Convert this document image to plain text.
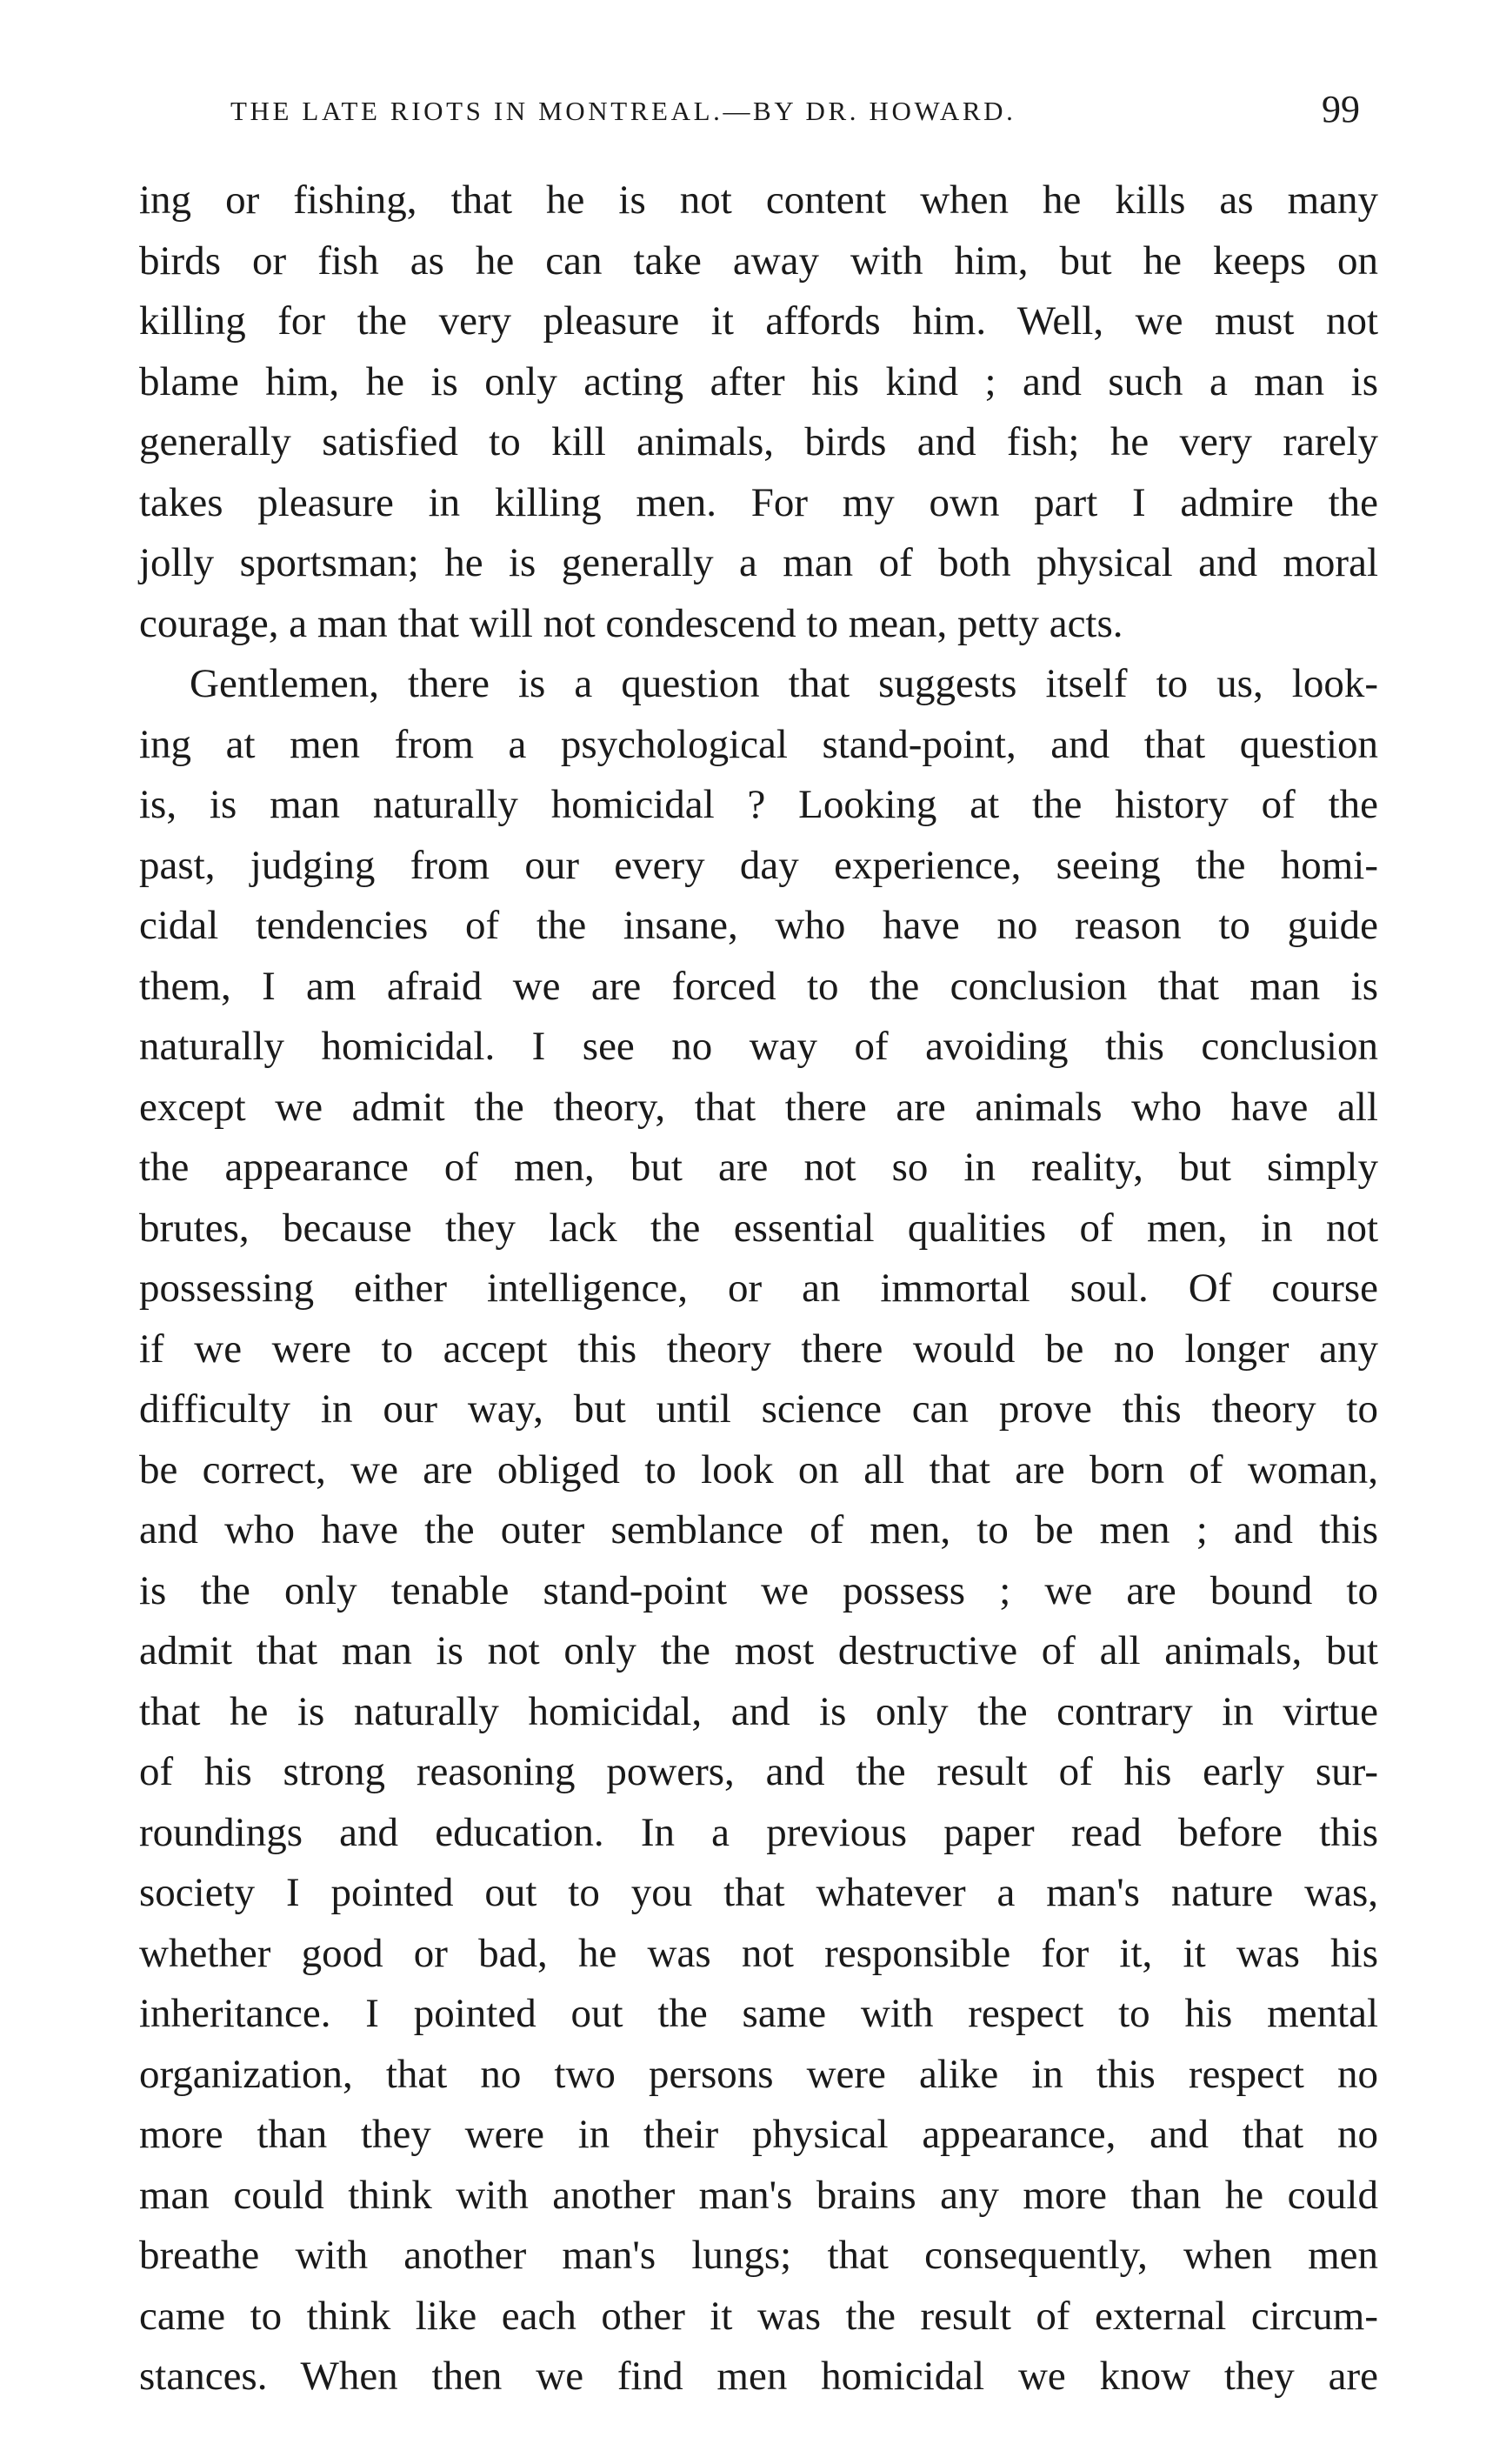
THE LATE RIOTS IN MONTREAL.—BY DR. HOWARD.	99
ing or fishing, that he is not content when he kills as many
birds or fish as he can take away with him, but he keeps on
killing for the very pleasure it affords him. Well, we must not
blame him, he is only acting after his kind ; and such a man is
generally satisfied to kill animals, birds and fish; he very rarely
takes pleasure in killing men. For my own part I admire the
jolly sportsman; he is generally a man of both physical and moral
courage, a man that will not condescend to mean, petty acts.
Gentlemen, there is a question that suggests itself to us, look-
ing at men from a psychological stand-point, and that question
is, is man naturally homicidal ? Looking at the history of the
past, judging from our every day experience, seeing the homi-
cidal tendencies of the insane, who have no reason to guide
them, I am afraid we are forced to the conclusion that man is
naturally homicidal. I see no way of avoiding this conclusion
except we admit the theory, that there are animals who have all
the appearance of men, but are not so in reality, but simply
brutes, because they lack the essential qualities of men, in not
possessing either intelligence, or an immortal soul. Of course
if we were to accept this theory there would be no longer any
difficulty in our way, but until science can prove this theory to
be correct, we are obliged to look on all that are born of woman,
and who have the outer semblance of men, to be men ; and this
is the only tenable stand-point we possess ; we are bound to
admit that man is not only the most destructive of all animals, but
that he is naturally homicidal, and is only the contrary in virtue
of his strong reasoning powers, and the result of his early sur-
roundings and education. In a previous paper read before this
society I pointed out to you that whatever a man's nature was,
whether good or bad, he was not responsible for it, it was his
inheritance. I pointed out the same with respect to his mental
organization, that no two persons were alike in this respect no
more than they were in their physical appearance, and that no
man could think with another man's brains any more than he could
breathe with another man's lungs; that consequently, when men
came to think like each other it was the result of external circum-
stances. When then we find men homicidal we know they are
